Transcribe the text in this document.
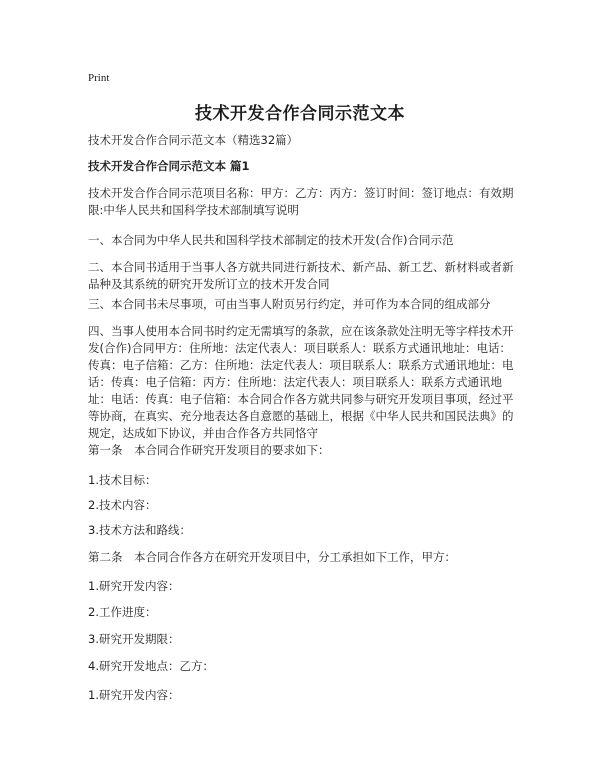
Print
技术开发合作合同示范文本
技术开发合作合同示范文本（精选32篇）
技术开发合作合同示范文本 篇1
技术开发合作合同示范项目名称：甲方：乙方：丙方：签订时间：签订地点：有效期限:中华人民共和国科学技术部制填写说明
一、本合同为中华人民共和国科学技术部制定的技术开发(合作)合同示范
二、本合同书适用于当事人各方就共同进行新技术、新产品、新工艺、新材料或者新品种及其系统的研究开发所订立的技术开发合同
三、本合同书未尽事项，可由当事人附页另行约定，并可作为本合同的组成部分
四、当事人使用本合同书时约定无需填写的条款，应在该条款处注明无等字样技术开发(合作)合同甲方：住所地：法定代表人：项目联系人：联系方式通讯地址：电话：传真：电子信箱：乙方：住所地：法定代表人：项目联系人：联系方式通讯地址：电话：传真：电子信箱：丙方：住所地：法定代表人：项目联系人：联系方式通讯地址：电话：传真：电子信箱：本合同合作各方就共同参与研究开发项目事项，经过平等协商，在真实、充分地表达各自意愿的基础上，根据《中华人民共和国民法典》的规定，达成如下协议，并由合作各方共同恪守
第一条　本合同合作研究开发项目的要求如下：
1.技术目标：
2.技术内容：
3.技术方法和路线：
第二条　本合同合作各方在研究开发项目中，分工承担如下工作，甲方：
1.研究开发内容：
2.工作进度：
3.研究开发期限：
4.研究开发地点：乙方：
1.研究开发内容：
